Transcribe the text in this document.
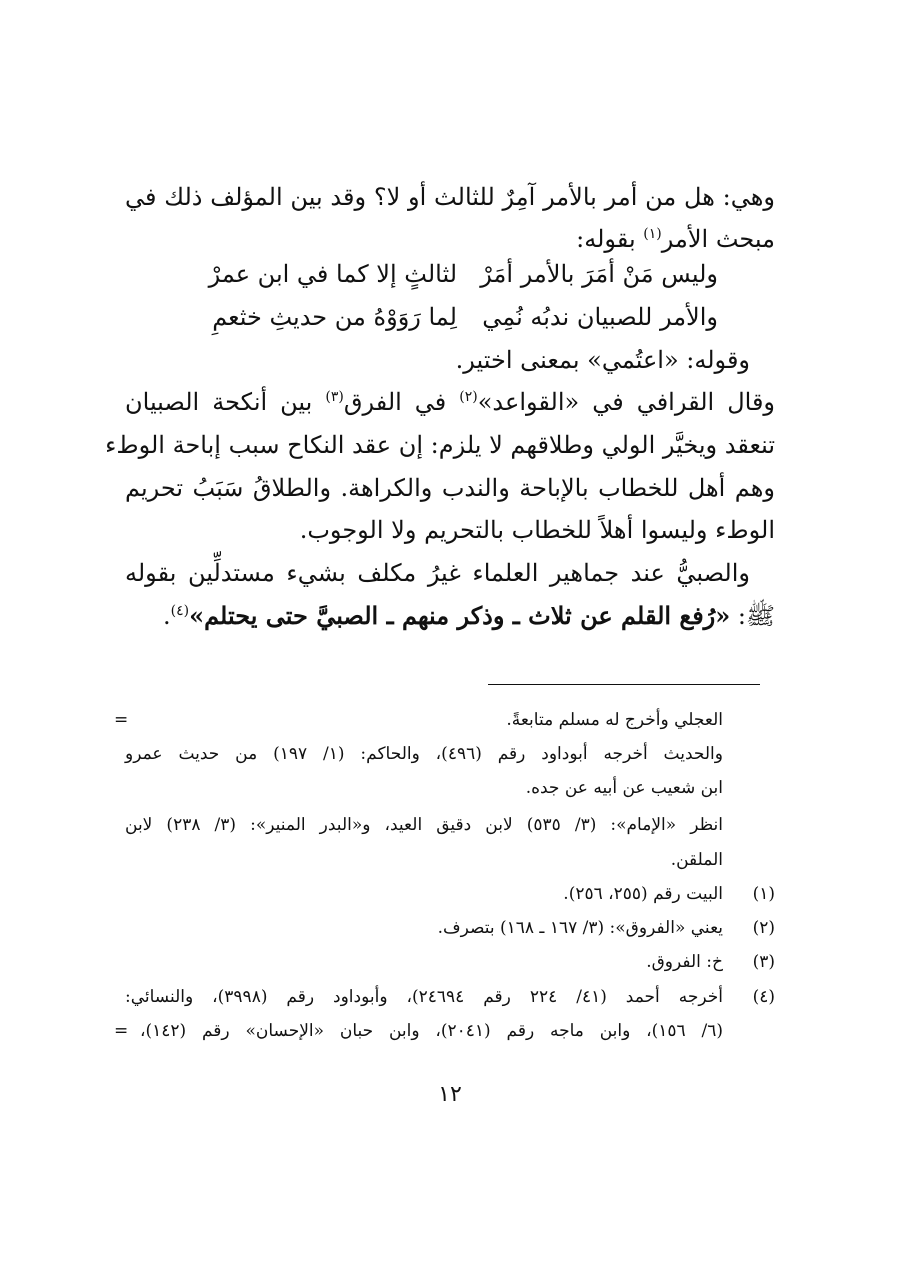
وهي: هل من أمر بالأمر آمِرٌ للثالث أو لا؟ وقد بين المؤلف ذلك في
مبحث الأمر$^{(١)}$ بقوله:
لثالثٍ إلا كما في ابن عمرْ وليس مَنْ أمَرَ بالأمر أمَرْ
لِما رَوَوْهُ من حديثِ خثعمِ والأمر للصبيان ندبُه نُمِي
وقوله: «اعتُمي» بمعنى اختير.
وقال القرافي في «القواعد»$^{(٢)}$ في الفرق$^{(٣)}$ بين أنكحة الصبيان
تنعقد ويخيَّر الولي وطلاقهم لا يلزم: إن عقد النكاح سبب إباحة الوطء
وهم أهل للخطاب بالإباحة والندب والكراهة. والطلاقُ سَبَبُ تحريم
الوطء وليسوا أهلاً للخطاب بالتحريم ولا الوجوب.
والصبيُّ عند جماهير العلماء غيرُ مكلف بشيء مستدلِّين بقوله
ﷺ: «رُفع القلم عن ثلاث ـ وذكر منهم ـ الصبيَّ حتى يحتلم»$^{(٤)}$.
=	العجلي وأخرج له مسلم متابعةً.
والحديث أخرجه أبوداود رقم (٤٩٦)، والحاكم: (١/ ١٩٧) من حديث عمرو
ابن شعيب عن أبيه عن جده.
انظر «الإمام»: (٣/ ٥٣٥) لابن دقيق العيد، و«البدر المنير»: (٣/ ٢٣٨) لابن
الملقن.
(١)
البيت رقم (٢٥٥، ٢٥٦).
(٢)
يعني «الفروق»: (٣/ ١٦٧ ـ ١٦٨) بتصرف.
(٣)
خ: الفروق.
(٤)
أخرجه أحمد (٤١/ ٢٢٤ رقم ٢٤٦٩٤)، وأبوداود رقم (٣٩٩٨)، والنسائي:
(٦/ ١٥٦)، وابن ماجه رقم (٢٠٤١)، وابن حبان «الإحسان» رقم (١٤٢)،
=
١٢
